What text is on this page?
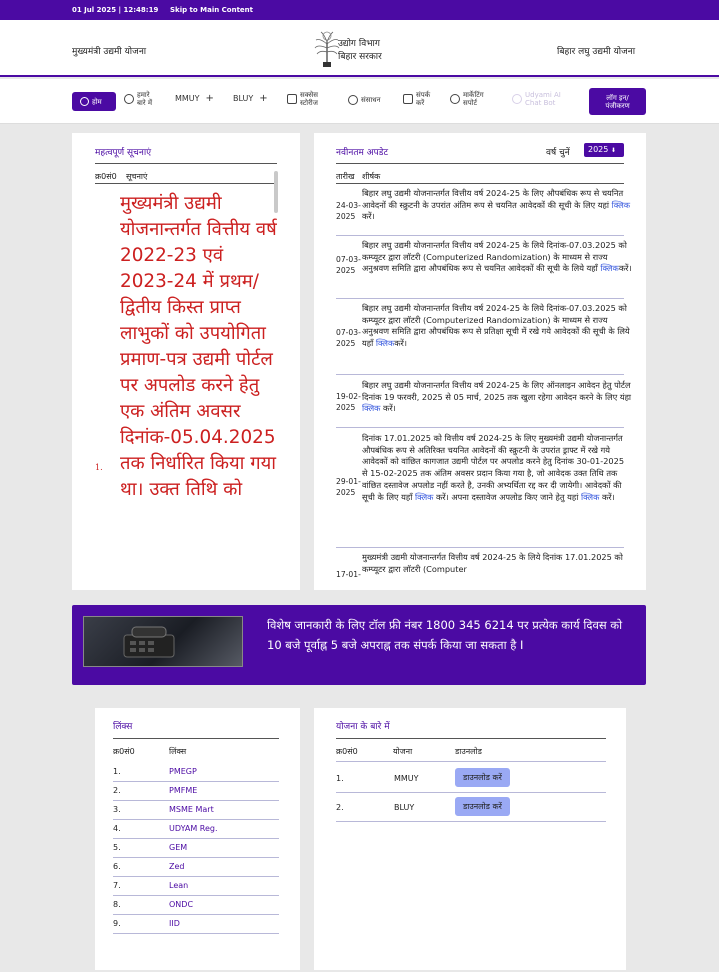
01 Jul 2025 | 12:48:19 Skip to Main Content
मुख्यमंत्री उद्यमी योजना
उद्योग विभाग
बिहार सरकार	बिहार लघु उद्यमी योजना
होम
हमारे
बारे में	MMUY + BLUY +	सक्सेस
स्टोरीज	संसाधन
संपर्क
करें
मार्केटिंग
सपोर्ट
Udyami AI
Chat Bot
लॉग इन/
पंजीकरण
महत्वपूर्ण सूचनाएं
क्र0सं0 सूचनाएं
1.
मुख्यमंत्री उद्यमी योजनान्तर्गत वित्तीय वर्ष 2022-23 एवं 2023-24 में प्रथम/द्वितीय किस्त प्राप्त लाभुकों को उपयोगिता प्रमाण-पत्र उद्यमी पोर्टल पर अपलोड करने हेतु एक अंतिम अवसर दिनांक-05.04.2025 तक निर्धारित किया गया था। उक्त तिथि को
नवीनतम अपडेट	वर्ष चुनें	2025 ⬇
तारीख शीर्षक
24-03-2025
बिहार लघु उद्यमी योजनान्तर्गत वित्तीय वर्ष 2024-25 के लिए औपबंधिक रूप से चयनित आवेदनों की स्क्रुटनी के उपरांत अंतिम रूप से चयनित आवेदकों की सूची के लिए यहां क्लिक करें।
07-03-2025
बिहार लघु उद्यमी योजनान्तर्गत वित्तीय वर्ष 2024-25 के लिये दिनांक-07.03.2025 को कम्प्यूटर द्वारा लॉटरी (Computerized Randomization) के माध्यम से राज्य अनुश्रवण समिति द्वारा औपबंधिक रूप से चयनित आवेदकों की सूची के लिये यहाँ क्लिककरें।
07-03-2025
बिहार लघु उद्यमी योजनान्तर्गत वित्तीय वर्ष 2024-25 के लिये दिनांक-07.03.2025 को कम्प्यूटर द्वारा लॉटरी (Computerized Randomization) के माध्यम से राज्य अनुश्रवण समिति द्वारा औपबंधिक रूप से प्रतिक्षा सूची में रखे गये आवेदकों की सूची के लिये यहाँ क्लिककरें।
19-02-2025
बिहार लघु उद्यमी योजनान्तर्गत वित्तीय वर्ष 2024-25 के लिए ऑनलाइन आवेदन हेतु पोर्टल दिनांक 19 फरवरी, 2025 से 05 मार्च, 2025 तक खुला रहेगा आवेदन करने के लिए यंहा क्लिक करें।
29-01-2025
दिनांक 17.01.2025 को वित्तीय वर्ष 2024-25 के लिए मुख्यमंत्री उद्यमी योजनान्तर्गत औपबंधिक रूप से अतिरिक्त चयनित आवेदनों की स्क्रुटनी के उपरांत ड्राफ्ट में रखे गये आवेदकों को वांछित कागजात उद्यमी पोर्टल पर अपलोड करने हेतु दिनांक 30-01-2025 से 15-02-2025 तक अंतिम अवसर प्रदान किया गया है, जो आवेदक उक्त तिथि तक वांछित दस्तावेज अपलोड नहीं करते है, उनकी अभ्यर्थिता रद्द कर दी जायेगी। आवेदकों की सूची के लिए यहाँ क्लिक करें। अपना दस्तावेज अपलोड किए जाने हेतु यहां क्लिक करें।
17-01-
मुख्यमंत्री उद्यमी योजनान्तर्गत वित्तीय वर्ष 2024-25 के लिये दिनांक 17.01.2025 को कम्प्यूटर द्वारा लॉटरी (Computer
विशेष जानकारी के लिए टॉल फ्री नंबर 1800 345 6214 पर प्रत्येक कार्य दिवस को 10 बजे पूर्वाह्न 5 बजे अपराह्न तक संपर्क किया जा सकता है I
लिंक्स
क्र0सं0	लिंक्स
1.	PMEGP
2.	PMFME
3.	MSME Mart
4.	UDYAM Reg.
5.	GEM
6.	Zed
7.	Lean
8.	ONDC
9.	IID
योजना के बारे में
क्र0सं0	योजना	डाउनलोड
1.	MMUY	डाउनलोड करें
2.	BLUY	डाउनलोड करें
